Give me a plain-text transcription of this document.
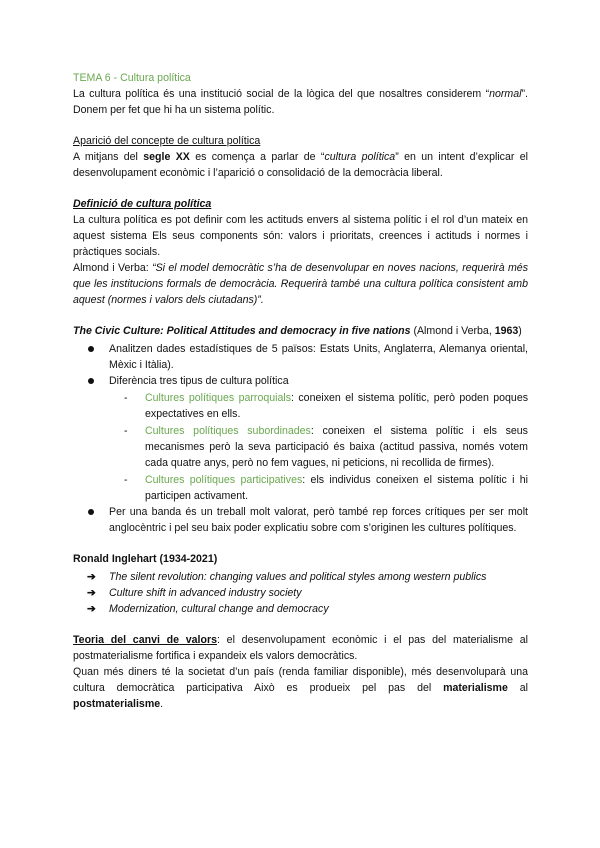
TEMA 6 - Cultura política

La cultura política és una institució social de la lògica del que nosaltres considerem “normal”. Donem per fet que hi ha un sistema polític.

Aparició del concepte de cultura política

A mitjans del segle XX es comença a parlar de “cultura política” en un intent d’explicar el desenvolupament econòmic i l’aparició o consolidació de la democràcia liberal.

Definició de cultura política

La cultura política es pot definir com les actituds envers al sistema polític i el rol d’un mateix en aquest sistema Els seus components són: valors i prioritats, creences i actituds i normes i pràctiques socials.

Almond i Verba: “Si el model democràtic s’ha de desenvolupar en noves nacions, requerirà més que les institucions formals de democràcia. Requerirà també una cultura política consistent amb aquest (normes i valors dels ciutadans)”.

The Civic Culture: Political Attitudes and democracy in five nations (Almond i Verba, 1963)

Analitzen dades estadístiques de 5 països: Estats Units, Anglaterra, Alemanya oriental, Mèxic i Itàlia).
Diferència tres tipus de cultura política
- Cultures polítiques parroquials: coneixen el sistema polític, però poden poques expectatives en ells.
- Cultures polítiques subordinades: coneixen el sistema polític i els seus mecanismes però la seva participació és baixa (actitud passiva, només votem cada quatre anys, però no fem vagues, ni peticions, ni recollida de firmes).
- Cultures polítiques participatives: els individus coneixen el sistema polític i hi participen activament.
Per una banda és un treball molt valorat, però també rep forces crítiques per ser molt anglocèntric i pel seu baix poder explicatiu sobre com s’originen les cultures polítiques.

Ronald Inglehart (1934-2021)

➔ The silent revolution: changing values and political styles among western publics
➔ Culture shift in advanced industry society
➔ Modernization, cultural change and democracy

Teoria del canvi de valors: el desenvolupament econòmic i el pas del materialisme al postmaterialisme fortifica i expandeix els valors democràtics.

Quan més diners té la societat d’un país (renda familiar disponible), més desenvoluparà una cultura democràtica participativa Això es produeix pel pas del materialisme al postmaterialisme.
